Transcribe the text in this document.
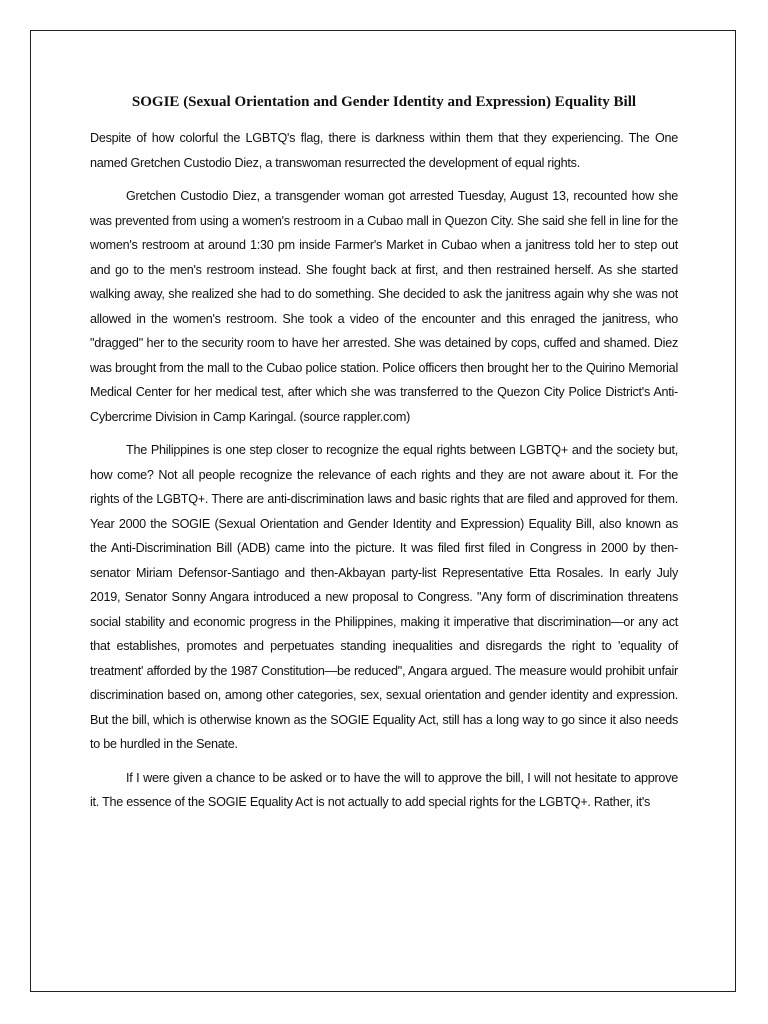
SOGIE (Sexual Orientation and Gender Identity and Expression) Equality Bill

Despite of how colorful the LGBTQ's flag, there is darkness within them that they experiencing. The One named Gretchen Custodio Diez, a transwoman resurrected the development of equal rights.

Gretchen Custodio Diez, a transgender woman got arrested Tuesday, August 13, recounted how she was prevented from using a women's restroom in a Cubao mall in Quezon City. She said she fell in line for the women's restroom at around 1:30 pm inside Farmer's Market in Cubao when a janitress told her to step out and go to the men's restroom instead. She fought back at first, and then restrained herself. As she started walking away, she realized she had to do something. She decided to ask the janitress again why she was not allowed in the women's restroom. She took a video of the encounter and this enraged the janitress, who "dragged" her to the security room to have her arrested. She was detained by cops, cuffed and shamed. Diez was brought from the mall to the Cubao police station. Police officers then brought her to the Quirino Memorial Medical Center for her medical test, after which she was transferred to the Quezon City Police District's Anti-Cybercrime Division in Camp Karingal. (source rappler.com)

The Philippines is one step closer to recognize the equal rights between LGBTQ+ and the society but, how come? Not all people recognize the relevance of each rights and they are not aware about it. For the rights of the LGBTQ+. There are anti-discrimination laws and basic rights that are filed and approved for them. Year 2000 the SOGIE (Sexual Orientation and Gender Identity and Expression) Equality Bill, also known as the Anti-Discrimination Bill (ADB) came into the picture. It was filed first filed in Congress in 2000 by then-senator Miriam Defensor-Santiago and then-Akbayan party-list Representative Etta Rosales. In early July 2019, Senator Sonny Angara introduced a new proposal to Congress. "Any form of discrimination threatens social stability and economic progress in the Philippines, making it imperative that discrimination—or any act that establishes, promotes and perpetuates standing inequalities and disregards the right to 'equality of treatment' afforded by the 1987 Constitution—be reduced", Angara argued. The measure would prohibit unfair discrimination based on, among other categories, sex, sexual orientation and gender identity and expression. But the bill, which is otherwise known as the SOGIE Equality Act, still has a long way to go since it also needs to be hurdled in the Senate.

If I were given a chance to be asked or to have the will to approve the bill, I will not hesitate to approve it. The essence of the SOGIE Equality Act is not actually to add special rights for the LGBTQ+. Rather, it's
